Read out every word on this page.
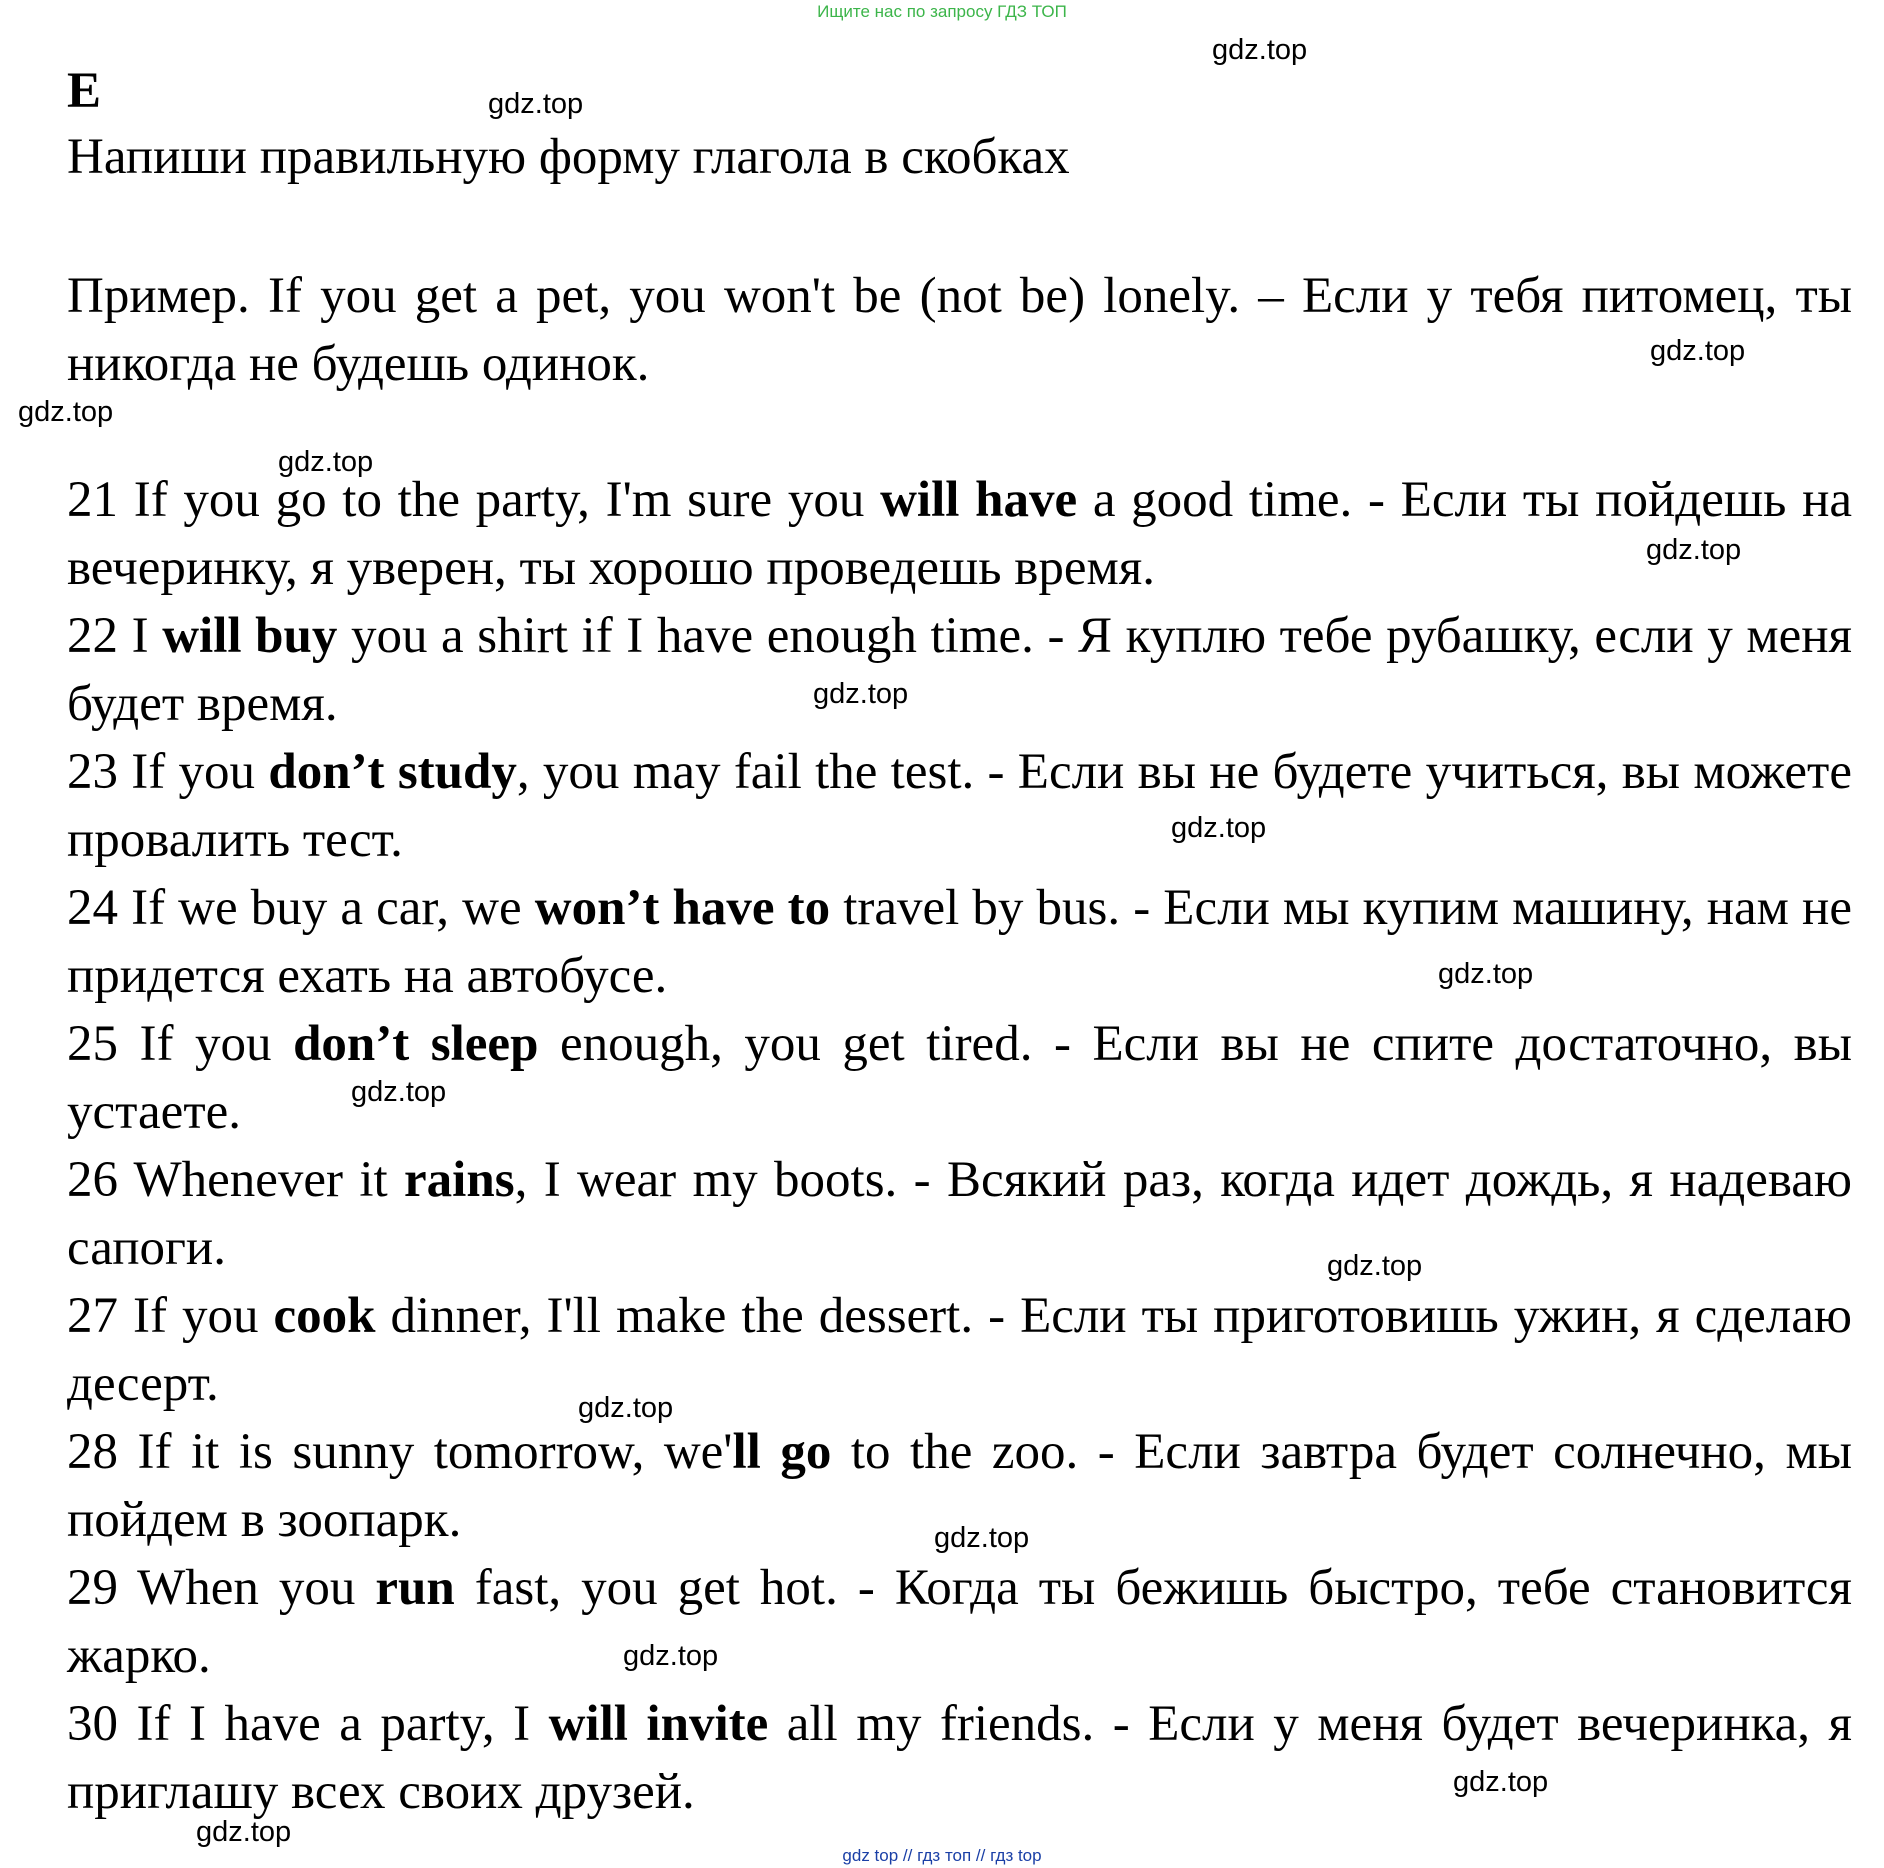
Ищите нас по запросу ГДЗ ТОП
gdz.top
gdz.top
E
Напиши правильную форму глагола в скобках
Пример. If you get a pet, you won't be (not be) lonely. – Если у тебя питомец, ты никогда не будешь одинок.	gdz.top
gdz.top
gdz.top
21 If you go to the party, I'm sure you will have a good time. - Если ты пойдешь на вечеринку, я уверен, ты хорошо проведешь время.	gdz.top
22 I will buy you a shirt if I have enough time. - Я куплю тебе рубашку, если у меня будет время.	gdz.top
23 If you don’t study, you may fail the test. - Если вы не будете учиться, вы можете провалить тест.	gdz.top
24 If we buy a car, we won’t have to travel by bus. - Если мы купим машину, нам не придется ехать на автобусе.	gdz.top
25 If you don’t sleep enough, you get tired. - Если вы не спите достаточно, вы устаете.	gdz.top
26 Whenever it rains, I wear my boots. - Всякий раз, когда идет дождь, я надеваю сапоги.	gdz.top
27 If you cook dinner, I'll make the dessert. - Если ты приготовишь ужин, я сделаю десерт.	gdz.top
28 If it is sunny tomorrow, we'll go to the zoo. - Если завтра будет солнечно, мы пойдем в зоопарк.	gdz.top
29 When you run fast, you get hot. - Когда ты бежишь быстро, тебе становится жарко.	gdz.top
30 If I have a party, I will invite all my friends. - Если у меня будет вечеринка, я приглашу всех своих друзей.	gdz.top
gdz.top
gdz top // гдз топ // гдз top
